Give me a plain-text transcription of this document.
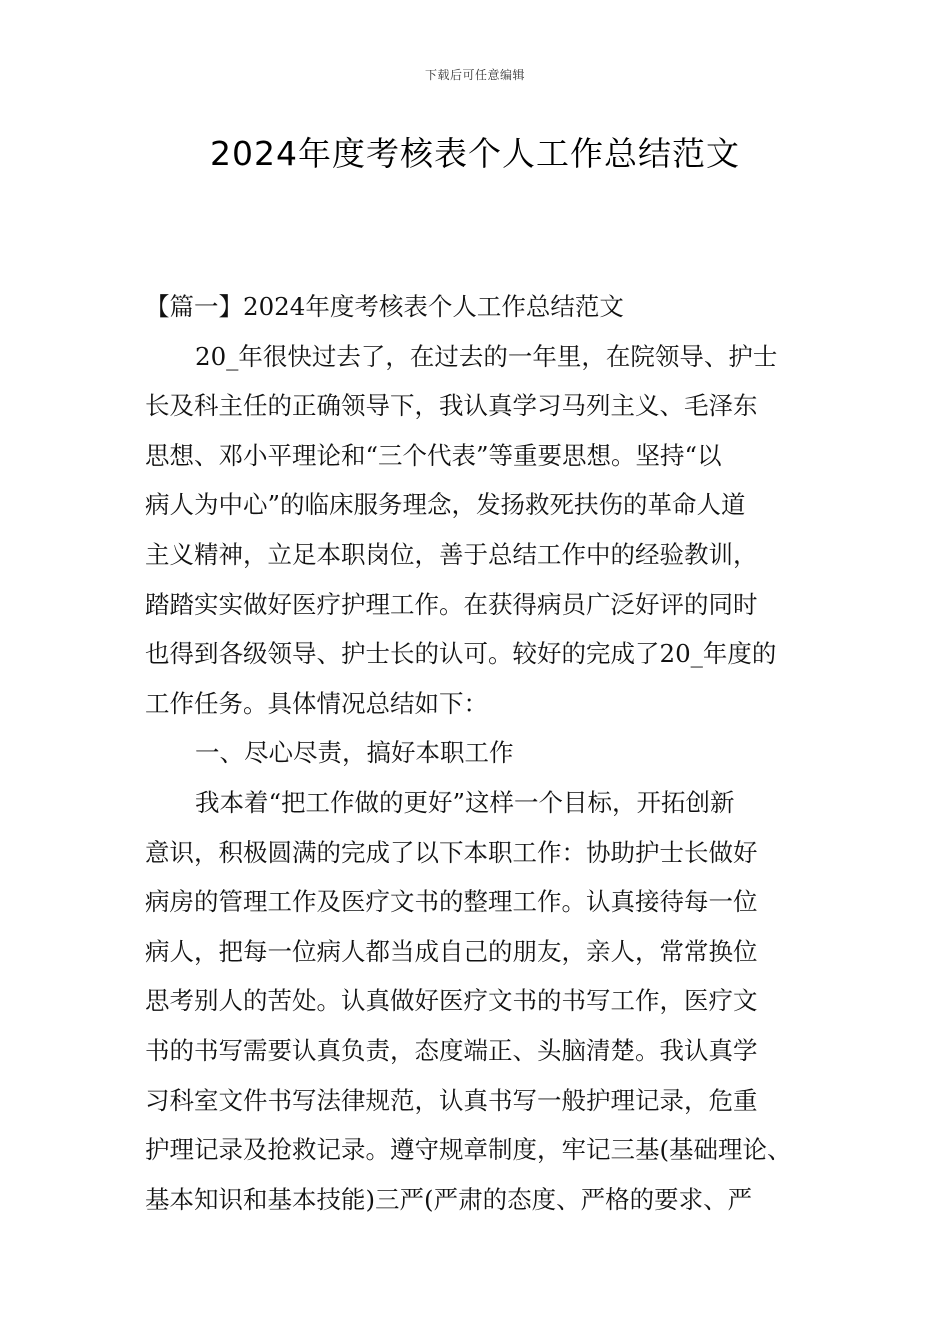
下载后可任意编辑
2024年度考核表个人工作总结范文

【篇一】2024年度考核表个人工作总结范文

20_年很快过去了，在过去的一年里，在院领导、护士

长及科主任的正确领导下，我认真学习马列主义、毛泽东

思想、邓小平理论和“三个代表”等重要思想。坚持“以

病人为中心”的临床服务理念，发扬救死扶伤的革命人道

主义精神，立足本职岗位，善于总结工作中的经验教训，

踏踏实实做好医疗护理工作。在获得病员广泛好评的同时

也得到各级领导、护士长的认可。较好的完成了20_年度的

工作任务。具体情况总结如下：

一、尽心尽责，搞好本职工作

我本着“把工作做的更好”这样一个目标，开拓创新

意识，积极圆满的完成了以下本职工作：协助护士长做好

病房的管理工作及医疗文书的整理工作。认真接待每一位

病人，把每一位病人都当成自己的朋友，亲人，常常换位

思考别人的苦处。认真做好医疗文书的书写工作，医疗文

书的书写需要认真负责，态度端正、头脑清楚。我认真学

习科室文件书写法律规范，认真书写一般护理记录，危重

护理记录及抢救记录。遵守规章制度，牢记三基(基础理论、

基本知识和基本技能)三严(严肃的态度、严格的要求、严
